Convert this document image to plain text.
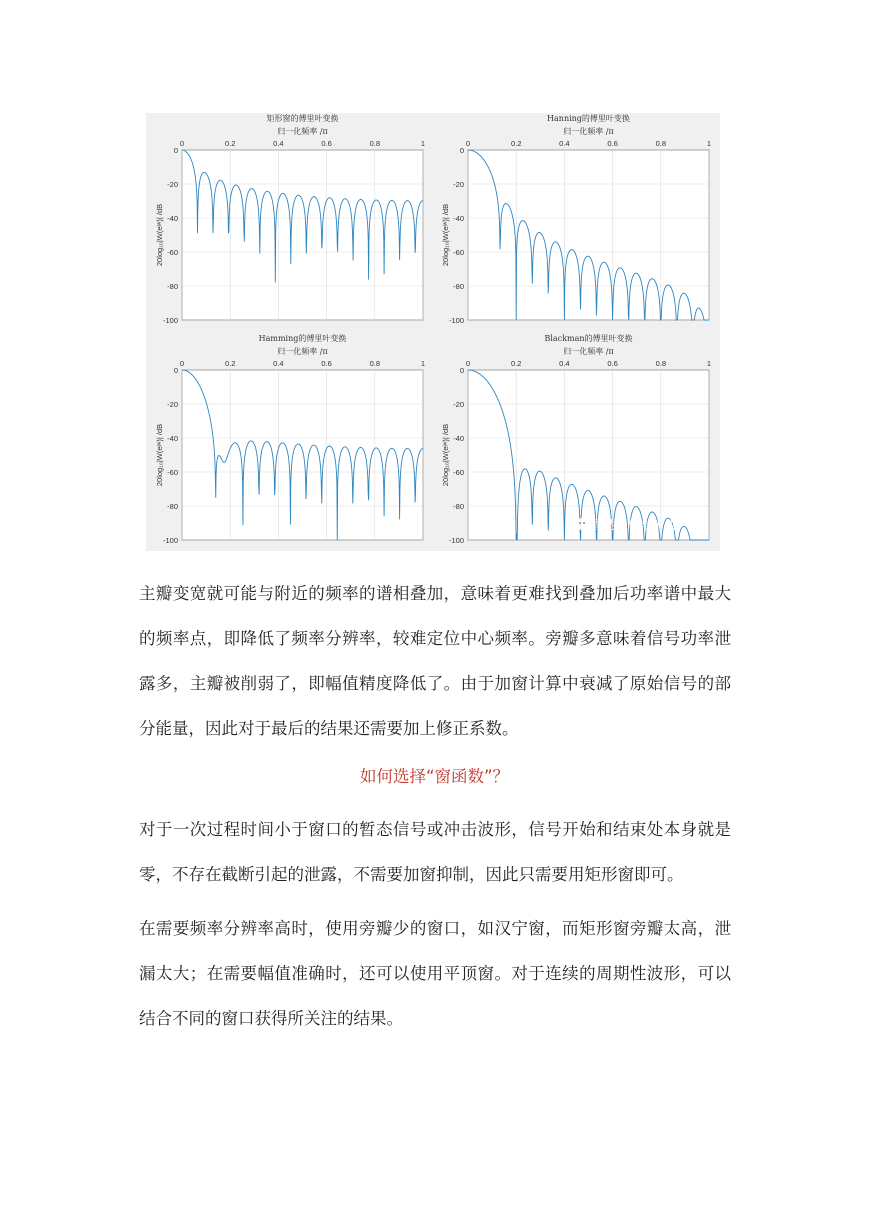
0	0.2	0.4	0.6	0.8	1
0
-20
-40
-60
-80
-100
矩形窗的傅里叶变换
归一化频率 /π
20log₁₀|W(eʲʷ)| /dB
0	0.2	0.4	0.6	0.8	1
0
-20
-40
-60
-80
-100
Hanning的傅里叶变换
归一化频率 /π
20log₁₀|W(eʲʷ)| /dB
0	0.2	0.4	0.6	0.8	1
0
-20
-40
-60
-80
-100
Hamming的傅里叶变换
归一化频率 /π
20log₁₀|W(eʲʷ)| /dB
0	0.2	0.4	0.6	0.8	1
0
-20
-40
-60
-80
-100
Blackman的傅里叶变换
归一化频率 /π
20log₁₀|W(eʲʷ)| /dB
雷达通信电子战

主瓣变宽就可能与附近的频率的谱相叠加，意味着更难找到叠加后功率谱中最大的频率点，即降低了频率分辨率，较难定位中心频率。旁瓣多意味着信号功率泄露多，主瓣被削弱了，即幅值精度降低了。由于加窗计算中衰减了原始信号的部分能量，因此对于最后的结果还需要加上修正系数。

如何选择“窗函数”？

对于一次过程时间小于窗口的暂态信号或冲击波形，信号开始和结束处本身就是零，不存在截断引起的泄露，不需要加窗抑制，因此只需要用矩形窗即可。

在需要频率分辨率高时，使用旁瓣少的窗口，如汉宁窗，而矩形窗旁瓣太高，泄漏太大；在需要幅值准确时，还可以使用平顶窗。对于连续的周期性波形，可以结合不同的窗口获得所关注的结果。
